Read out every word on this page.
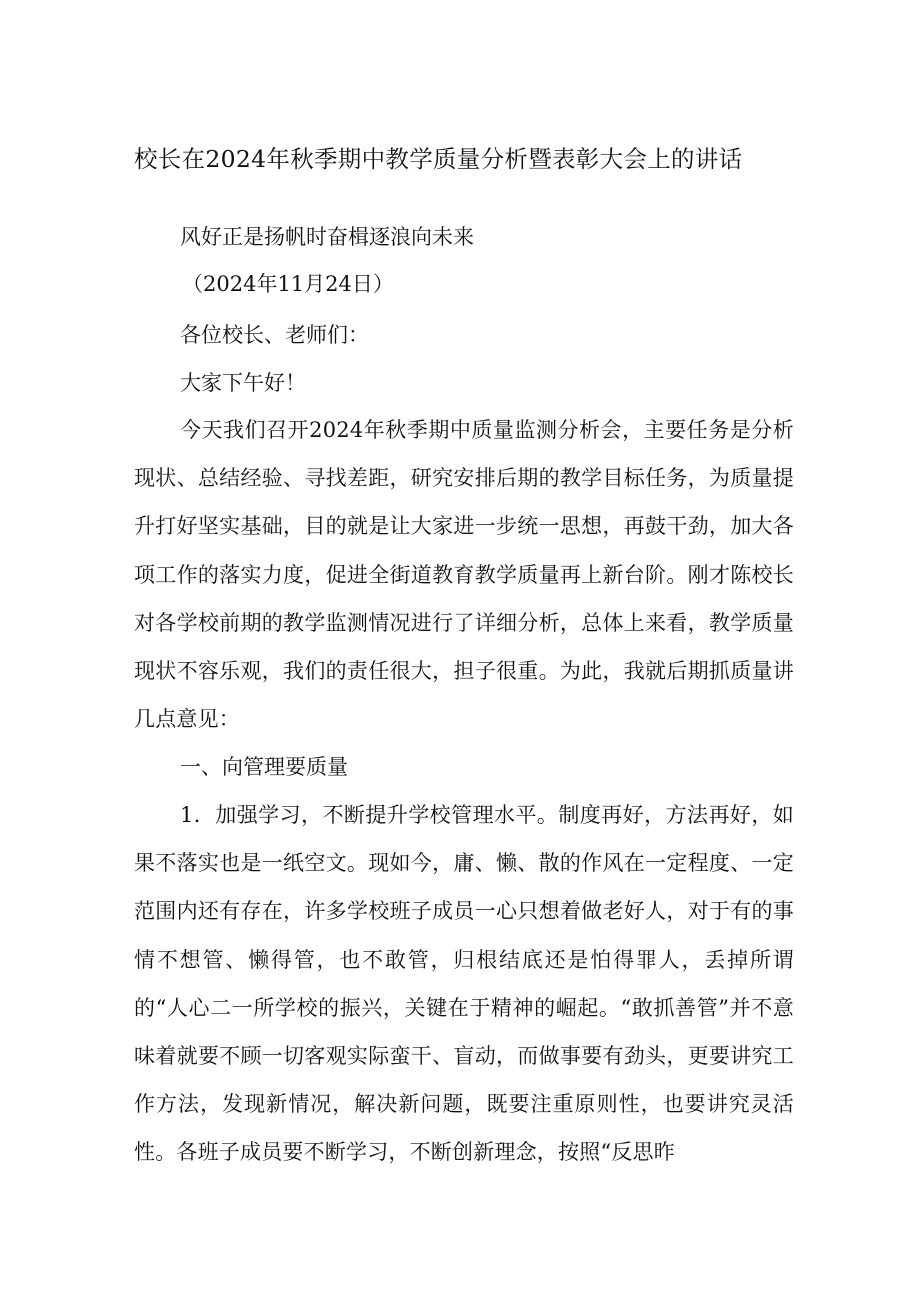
校长在2024年秋季期中教学质量分析暨表彰大会上的讲话
风好正是扬帆时奋楫逐浪向未来
（2024年11月24日）
各位校长、老师们：
大家下午好！
今天我们召开2024年秋季期中质量监测分析会，主要任务是分析现状、总结经验、寻找差距，研究安排后期的教学目标任务，为质量提升打好坚实基础，目的就是让大家进一步统一思想，再鼓干劲，加大各项工作的落实力度，促进全街道教育教学质量再上新台阶。刚才陈校长对各学校前期的教学监测情况进行了详细分析，总体上来看，教学质量现状不容乐观，我们的责任很大，担子很重。为此，我就后期抓质量讲几点意见：
一、向管理要质量
1．加强学习，不断提升学校管理水平。制度再好，方法再好，如果不落实也是一纸空文。现如今，庸、懒、散的作风在一定程度、一定范围内还有存在，许多学校班子成员一心只想着做老好人，对于有的事情不想管、懒得管，也不敢管，归根结底还是怕得罪人，丢掉所谓的“人心二一所学校的振兴，关键在于精神的崛起。“敢抓善管”并不意味着就要不顾一切客观实际蛮干、盲动，而做事要有劲头，更要讲究工作方法，发现新情况，解决新问题，既要注重原则性，也要讲究灵活性。各班子成员要不断学习，不断创新理念，按照“反思昨
